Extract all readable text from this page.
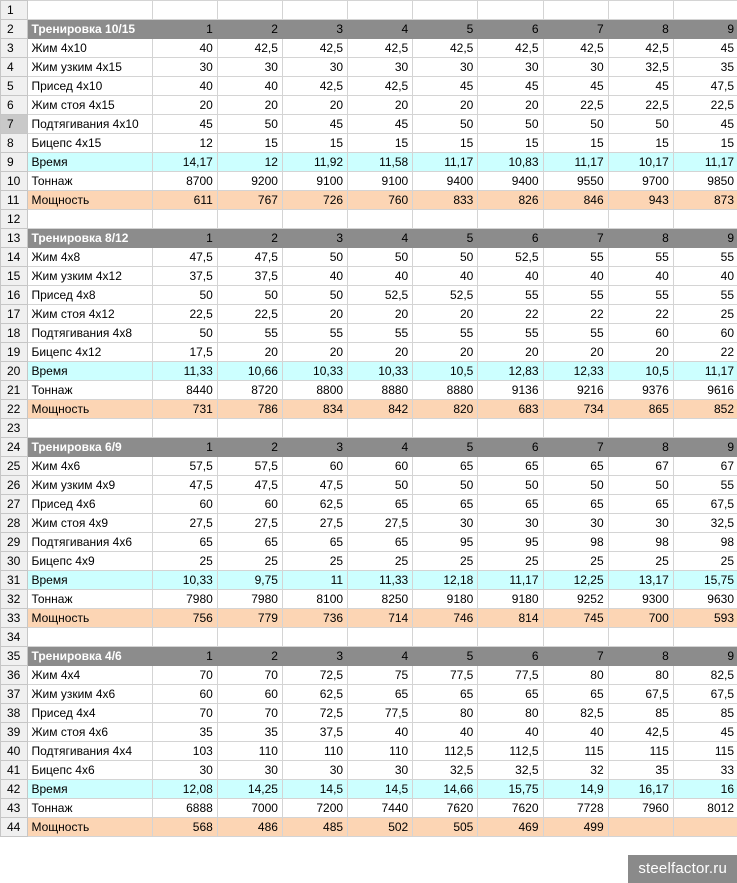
1										
2	Тренировка 10/15	1	2	3	4	5	6	7	8	9
3	Жим 4x10	40	42,5	42,5	42,5	42,5	42,5	42,5	42,5	45
4	Жим узким 4x15	30	30	30	30	30	30	30	32,5	35
5	Присед 4x10	40	40	42,5	42,5	45	45	45	45	47,5
6	Жим стоя 4x15	20	20	20	20	20	20	22,5	22,5	22,5
7	Подтягивания 4x10	45	50	45	45	50	50	50	50	45
8	Бицепс 4x15	12	15	15	15	15	15	15	15	15
9	Время	14,17	12	11,92	11,58	11,17	10,83	11,17	10,17	11,17
10	Тоннаж	8700	9200	9100	9100	9400	9400	9550	9700	9850
11	Мощность	611	767	726	760	833	826	846	943	873
12										
13	Тренировка 8/12	1	2	3	4	5	6	7	8	9
14	Жим 4x8	47,5	47,5	50	50	50	52,5	55	55	55
15	Жим узким 4x12	37,5	37,5	40	40	40	40	40	40	40
16	Присед 4x8	50	50	50	52,5	52,5	55	55	55	55
17	Жим стоя 4x12	22,5	22,5	20	20	20	22	22	22	25
18	Подтягивания 4x8	50	55	55	55	55	55	55	60	60
19	Бицепс 4x12	17,5	20	20	20	20	20	20	20	22
20	Время	11,33	10,66	10,33	10,33	10,5	12,83	12,33	10,5	11,17
21	Тоннаж	8440	8720	8800	8880	8880	9136	9216	9376	9616
22	Мощность	731	786	834	842	820	683	734	865	852
23										
24	Тренировка 6/9	1	2	3	4	5	6	7	8	9
25	Жим 4x6	57,5	57,5	60	60	65	65	65	67	67
26	Жим узким 4x9	47,5	47,5	47,5	50	50	50	50	50	55
27	Присед 4x6	60	60	62,5	65	65	65	65	65	67,5
28	Жим стоя 4x9	27,5	27,5	27,5	27,5	30	30	30	30	32,5
29	Подтягивания 4x6	65	65	65	65	95	95	98	98	98
30	Бицепс 4x9	25	25	25	25	25	25	25	25	25
31	Время	10,33	9,75	11	11,33	12,18	11,17	12,25	13,17	15,75
32	Тоннаж	7980	7980	8100	8250	9180	9180	9252	9300	9630
33	Мощность	756	779	736	714	746	814	745	700	593
34										
35	Тренировка 4/6	1	2	3	4	5	6	7	8	9
36	Жим 4x4	70	70	72,5	75	77,5	77,5	80	80	82,5
37	Жим узким 4x6	60	60	62,5	65	65	65	65	67,5	67,5
38	Присед 4x4	70	70	72,5	77,5	80	80	82,5	85	85
39	Жим стоя 4x6	35	35	37,5	40	40	40	40	42,5	45
40	Подтягивания 4x4	103	110	110	110	112,5	112,5	115	115	115
41	Бицепс 4x6	30	30	30	30	32,5	32,5	32	35	33
42	Время	12,08	14,25	14,5	14,5	14,66	15,75	14,9	16,17	16
43	Тоннаж	6888	7000	7200	7440	7620	7620	7728	7960	8012
44	Мощность	568	486	485	502	505	469	499		
steelfactor.ru
